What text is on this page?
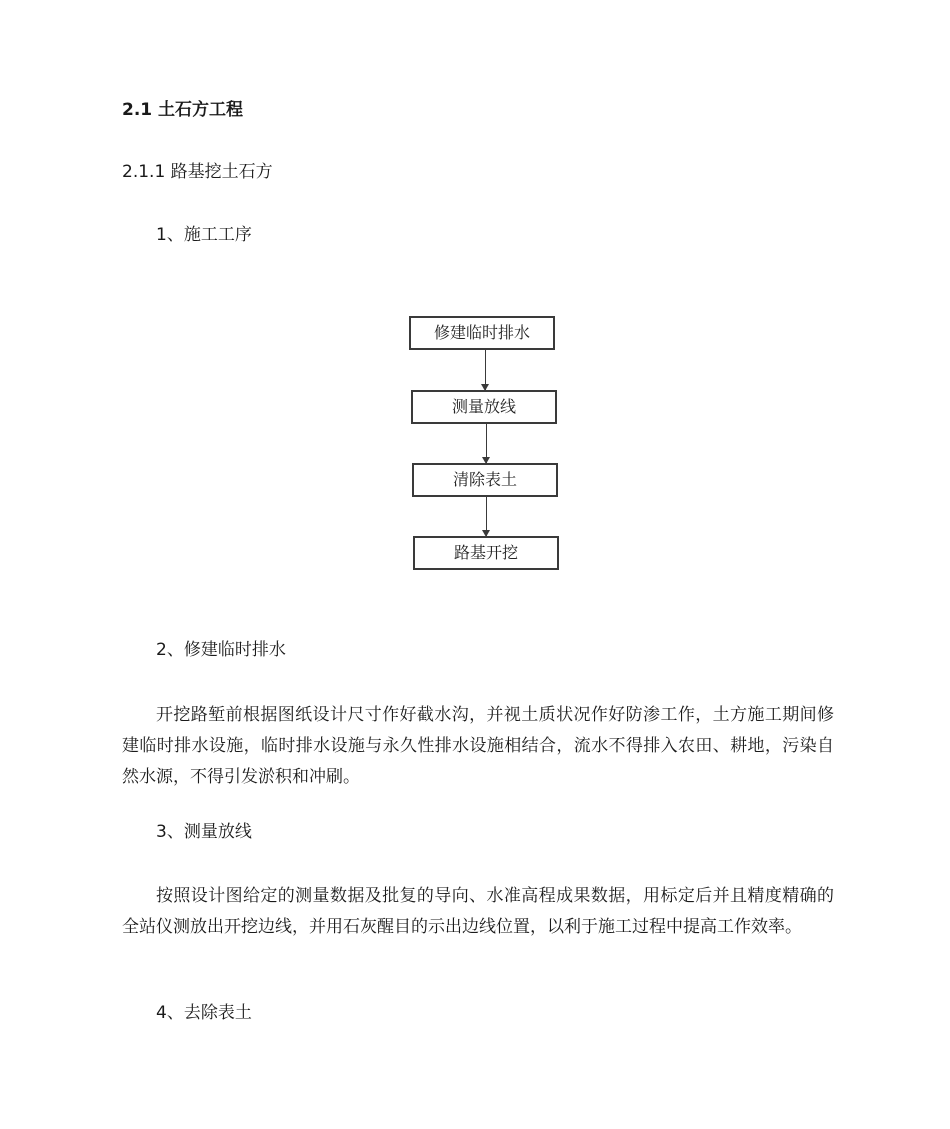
2.1 土石方工程
2.1.1 路基挖土石方
1、施工工序
修建临时排水
测量放线
清除表土
路基开挖
2、修建临时排水
开挖路堑前根据图纸设计尺寸作好截水沟，并视土质状况作好防渗工作，土方施工期间修建临时排水设施，临时排水设施与永久性排水设施相结合，流水不得排入农田、耕地，污染自然水源，不得引发淤积和冲刷。
3、测量放线
按照设计图给定的测量数据及批复的导向、水准高程成果数据，用标定后并且精度精确的全站仪测放出开挖边线，并用石灰醒目的示出边线位置，以利于施工过程中提高工作效率。
4、去除表土
